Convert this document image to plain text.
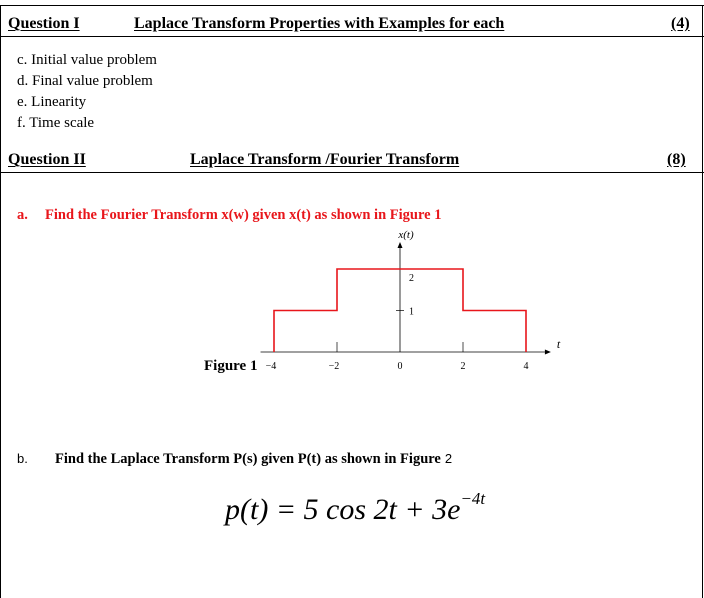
Question I	Laplace Transform Properties with Examples for each	(4)
c. Initial value problem
d. Final value problem
e. Linearity
f. Time scale
Question II	Laplace Transform /Fourier Transform	(8)
a. Find the Fourier Transform x(w) given x(t) as shown in Figure 1
x(t)
t
−4	−2	0	2	4
1
2
Figure 1
b. Find the Laplace Transform P(s) given P(t) as shown in Figure 2
p(t) = 5 $\cos 2t + 3e^{-4t}$
